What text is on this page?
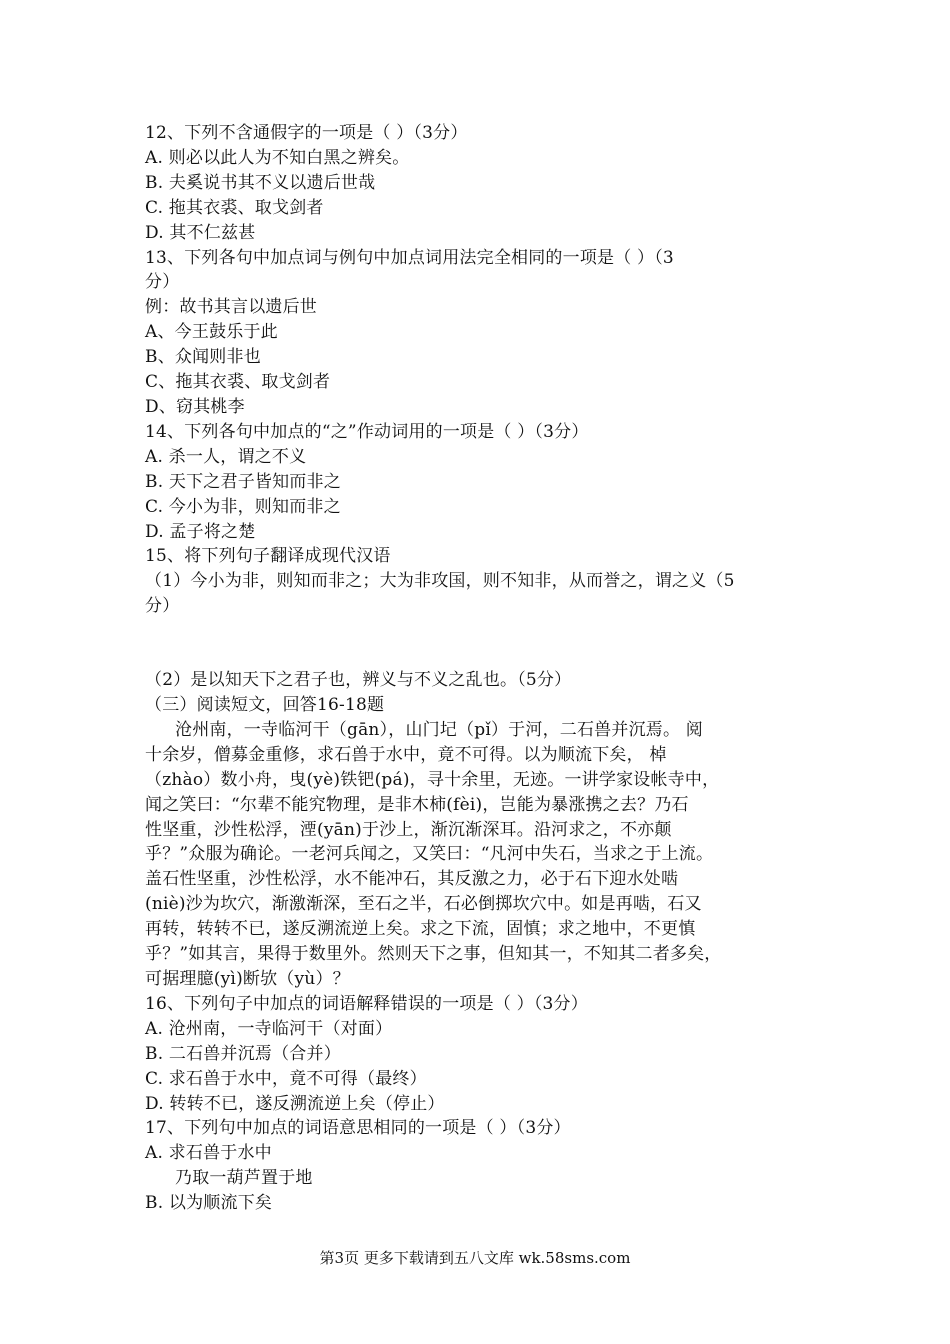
12、下列不含通假字的一项是（ ）（3分）
A. 则必以此人为不知白黑之辨矣。
B. 夫奚说书其不义以遗后世哉
C. 拖其衣裘、取戈剑者
D. 其不仁兹甚
13、下列各句中加点词与例句中加点词用法完全相同的一项是（ ）（3
分）
例：故书其言以遗后世
A、今王鼓乐于此
B、众闻则非也
C、拖其衣裘、取戈剑者
D、窃其桃李
14、下列各句中加点的“之”作动词用的一项是（ ）（3分）
A. 杀一人，谓之不义
B. 天下之君子皆知而非之
C. 今小为非，则知而非之
D. 孟子将之楚
15、将下列句子翻译成现代汉语
（1）今小为非，则知而非之；大为非攻国，则不知非，从而誉之，谓之义（5
分）
（2）是以知天下之君子也，辨义与不义之乱也。（5分）
（三）阅读短文，回答16-18题
沧州南，一寺临河干（gān），山门圮（pǐ）于河，二石兽并沉焉。 阅
十余岁，僧募金重修，求石兽于水中，竟不可得。以为顺流下矣， 棹
（zhào）数小舟，曳(yè)铁钯(pá)，寻十余里，无迹。一讲学家设帐寺中，
闻之笑曰：“尔辈不能究物理，是非木柿(fèi)，岂能为暴涨携之去？乃石
性坚重，沙性松浮，湮(yān)于沙上，渐沉渐深耳。沿河求之，不亦颠
乎？”众服为确论。一老河兵闻之，又笑曰：“凡河中失石，当求之于上流。
盖石性坚重，沙性松浮，水不能冲石，其反激之力，必于石下迎水处啮
(niè)沙为坎穴，渐激渐深，至石之半，石必倒掷坎穴中。如是再啮，石又
再转，转转不已，遂反溯流逆上矣。求之下流，固慎；求之地中，不更慎
乎？”如其言，果得于数里外。然则天下之事，但知其一，不知其二者多矣，
可据理臆(yì)断欤（yù）？
16、下列句子中加点的词语解释错误的一项是（ ）（3分）
A. 沧州南，一寺临河干（对面）
B. 二石兽并沉焉（合并）
C. 求石兽于水中，竟不可得（最终）
D. 转转不已，遂反溯流逆上矣（停止）
17、下列句中加点的词语意思相同的一项是（ ）（3分）
A. 求石兽于水中
乃取一葫芦置于地
B. 以为顺流下矣
第3页 更多下载请到五八文库 wk.58sms.com
